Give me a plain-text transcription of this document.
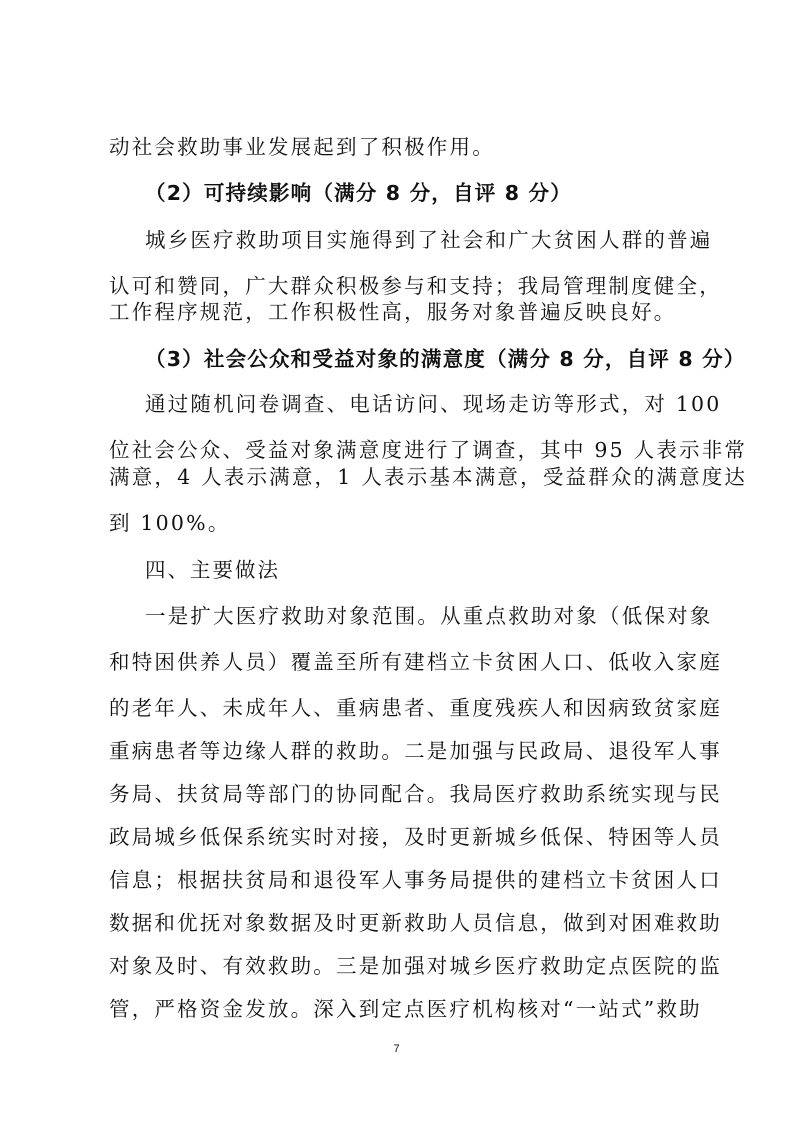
动社会救助事业发展起到了积极作用。
（2）可持续影响（满分 8 分，自评 8 分）
城乡医疗救助项目实施得到了社会和广大贫困人群的普遍
认可和赞同，广大群众积极参与和支持；我局管理制度健全，
工作程序规范，工作积极性高，服务对象普遍反映良好。
（3）社会公众和受益对象的满意度（满分 8 分，自评 8 分）
通过随机问卷调查、电话访问、现场走访等形式，对 100
位社会公众、受益对象满意度进行了调查，其中 95 人表示非常
满意，4 人表示满意，1 人表示基本满意，受益群众的满意度达
到 100%。
四、主要做法
一是扩大医疗救助对象范围。从重点救助对象（低保对象
和特困供养人员）覆盖至所有建档立卡贫困人口、低收入家庭
的老年人、未成年人、重病患者、重度残疾人和因病致贫家庭
重病患者等边缘人群的救助。二是加强与民政局、退役军人事
务局、扶贫局等部门的协同配合。我局医疗救助系统实现与民
政局城乡低保系统实时对接，及时更新城乡低保、特困等人员
信息；根据扶贫局和退役军人事务局提供的建档立卡贫困人口
数据和优抚对象数据及时更新救助人员信息，做到对困难救助
对象及时、有效救助。三是加强对城乡医疗救助定点医院的监
管，严格资金发放。深入到定点医疗机构核对“一站式”救助
7
